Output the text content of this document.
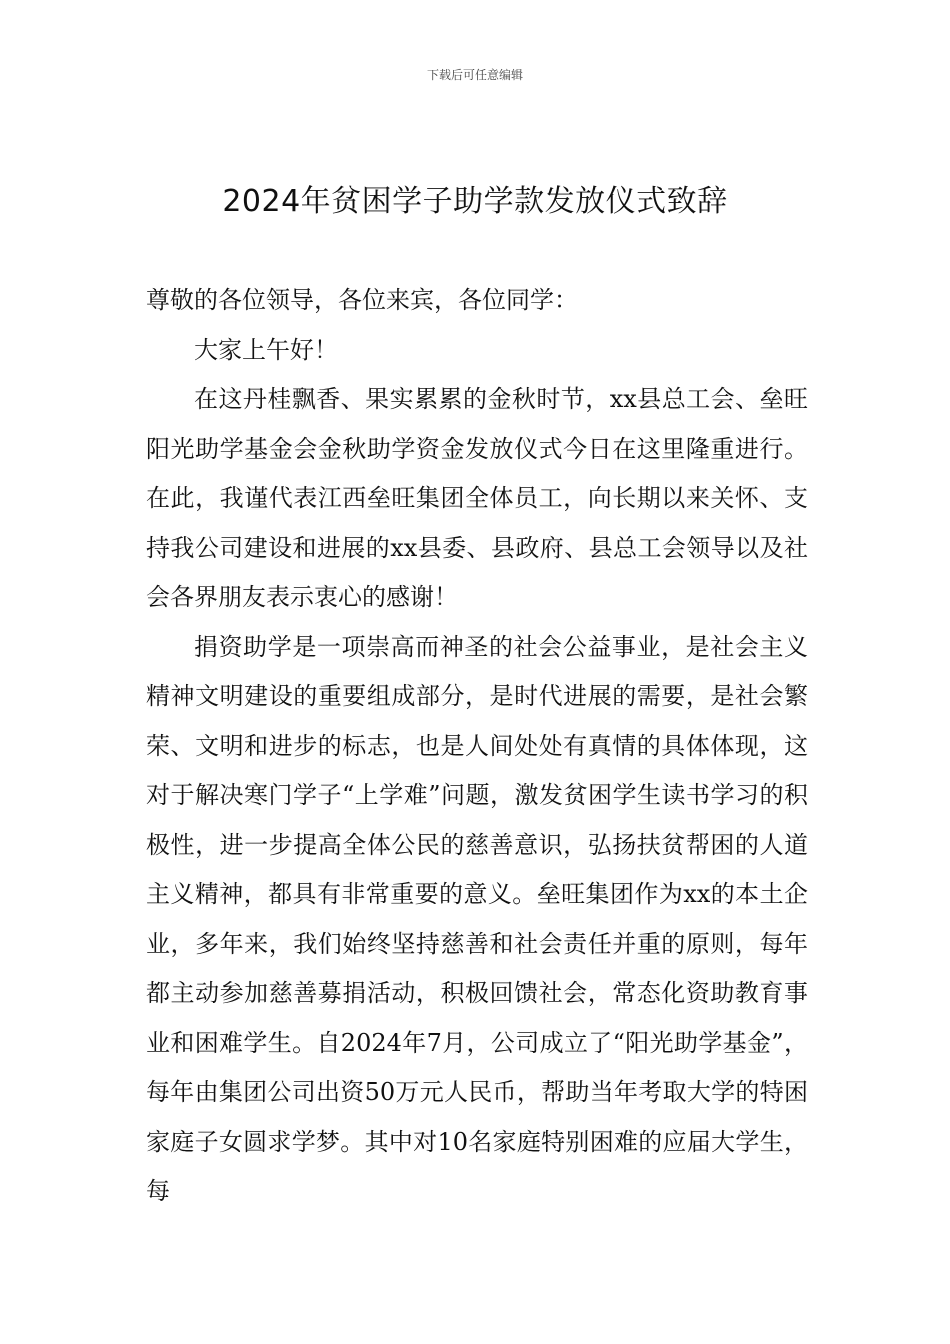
下载后可任意编辑
2024年贫困学子助学款发放仪式致辞

尊敬的各位领导，各位来宾，各位同学：

大家上午好！

在这丹桂飘香、果实累累的金秋时节，xx县总工会、垒旺阳光助学基金会金秋助学资金发放仪式今日在这里隆重进行。在此，我谨代表江西垒旺集团全体员工，向长期以来关怀、支持我公司建设和进展的xx县委、县政府、县总工会领导以及社会各界朋友表示衷心的感谢！

捐资助学是一项崇高而神圣的社会公益事业，是社会主义精神文明建设的重要组成部分，是时代进展的需要，是社会繁荣、文明和进步的标志，也是人间处处有真情的具体体现，这对于解决寒门学子“上学难”问题，激发贫困学生读书学习的积极性，进一步提高全体公民的慈善意识，弘扬扶贫帮困的人道主义精神，都具有非常重要的意义。垒旺集团作为xx的本土企业，多年来，我们始终坚持慈善和社会责任并重的原则，每年都主动参加慈善募捐活动，积极回馈社会，常态化资助教育事业和困难学生。自2024年7月，公司成立了“阳光助学基金”，每年由集团公司出资50万元人民币，帮助当年考取大学的特困家庭子女圆求学梦。其中对10名家庭特别困难的应届大学生，每
